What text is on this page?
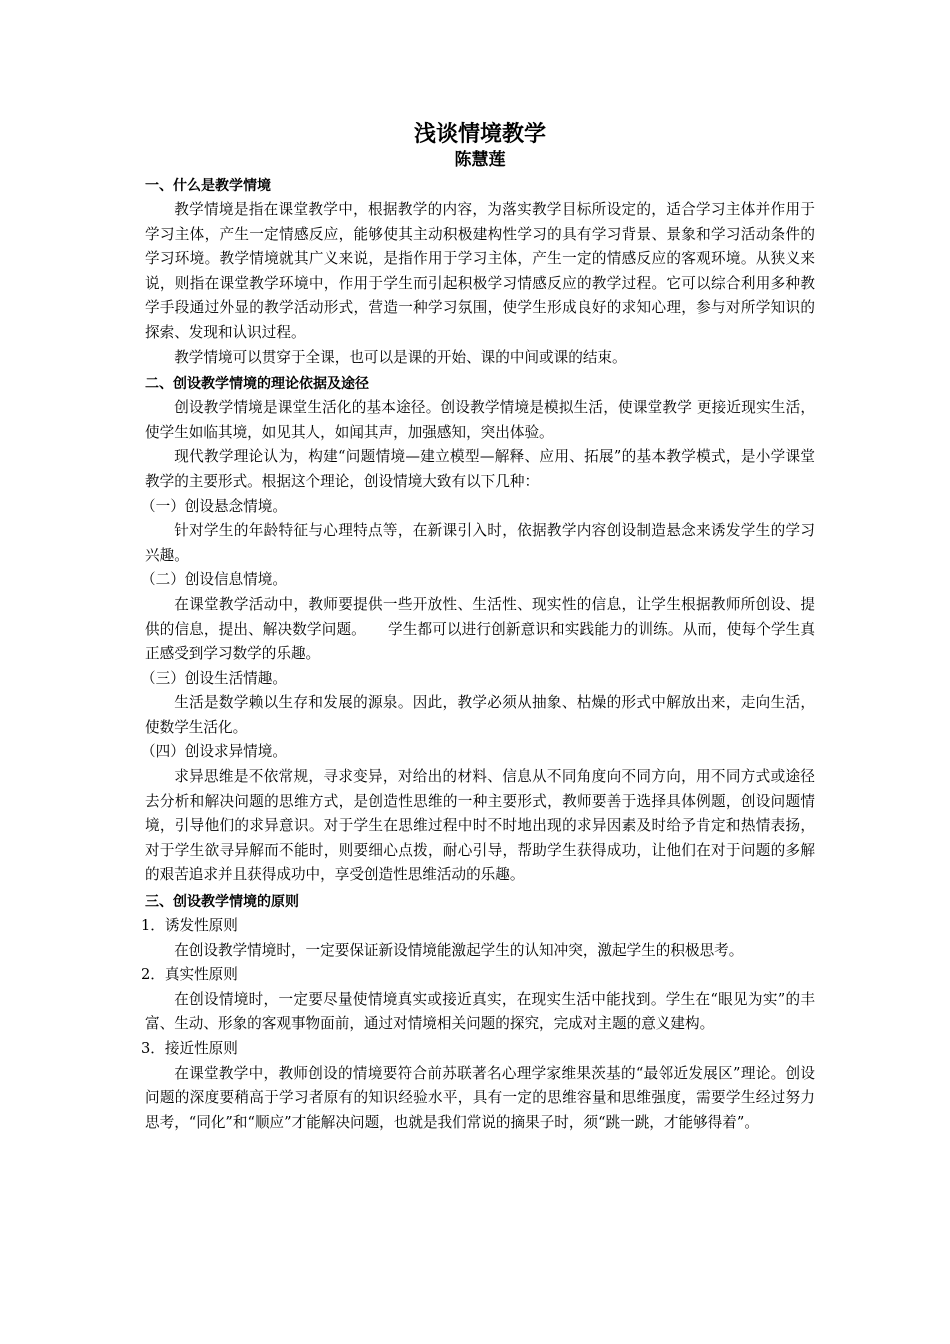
浅谈情境教学
陈慧莲
一、什么是教学情境

教学情境是指在课堂教学中，根据教学的内容，为落实教学目标所设定的，适合学习主体并作用于学习主体，产生一定情感反应，能够使其主动积极建构性学习的具有学习背景、景象和学习活动条件的学习环境。教学情境就其广义来说，是指作用于学习主体，产生一定的情感反应的客观环境。从狭义来说，则指在课堂教学环境中，作用于学生而引起积极学习情感反应的教学过程。它可以综合利用多种教学手段通过外显的教学活动形式，营造一种学习氛围，使学生形成良好的求知心理，参与对所学知识的探索、发现和认识过程。

教学情境可以贯穿于全课，也可以是课的开始、课的中间或课的结束。

二、创设教学情境的理论依据及途径

创设教学情境是课堂生活化的基本途径。创设教学情境是模拟生活，使课堂教学 更接近现实生活，使学生如临其境，如见其人，如闻其声，加强感知，突出体验。

现代教学理论认为，构建“问题情境—建立模型—解释、应用、拓展”的基本教学模式，是小学课堂教学的主要形式。根据这个理论，创设情境大致有以下几种：

（一）创设悬念情境。

针对学生的年龄特征与心理特点等，在新课引入时，依据教学内容创设制造悬念来诱发学生的学习兴趣。

（二）创设信息情境。

在课堂教学活动中，教师要提供一些开放性、生活性、现实性的信息，让学生根据教师所创设、提供的信息，提出、解决数学问题。　　学生都可以进行创新意识和实践能力的训练。从而，使每个学生真正感受到学习数学的乐趣。

（三）创设生活情趣。

生活是数学赖以生存和发展的源泉。因此，教学必须从抽象、枯燥的形式中解放出来，走向生活，使数学生活化。

（四）创设求异情境。

求异思维是不依常规，寻求变异，对给出的材料、信息从不同角度向不同方向，用不同方式或途径去分析和解决问题的思维方式，是创造性思维的一种主要形式，教师要善于选择具体例题，创设问题情境，引导他们的求异意识。对于学生在思维过程中时不时地出现的求异因素及时给予肯定和热情表扬，对于学生欲寻异解而不能时，则要细心点拨，耐心引导，帮助学生获得成功，让他们在对于问题的多解的艰苦追求并且获得成功中，享受创造性思维活动的乐趣。

三、创设教学情境的原则

1．诱发性原则

在创设教学情境时，一定要保证新设情境能激起学生的认知冲突，激起学生的积极思考。

2．真实性原则

在创设情境时，一定要尽量使情境真实或接近真实，在现实生活中能找到。学生在“眼见为实”的丰富、生动、形象的客观事物面前，通过对情境相关问题的探究，完成对主题的意义建构。

3．接近性原则

在课堂教学中，教师创设的情境要符合前苏联著名心理学家维果茨基的“最邻近发展区”理论。创设问题的深度要稍高于学习者原有的知识经验水平，具有一定的思维容量和思维强度，需要学生经过努力思考，“同化”和“顺应”才能解决问题，也就是我们常说的摘果子时，须“跳一跳，才能够得着”。
